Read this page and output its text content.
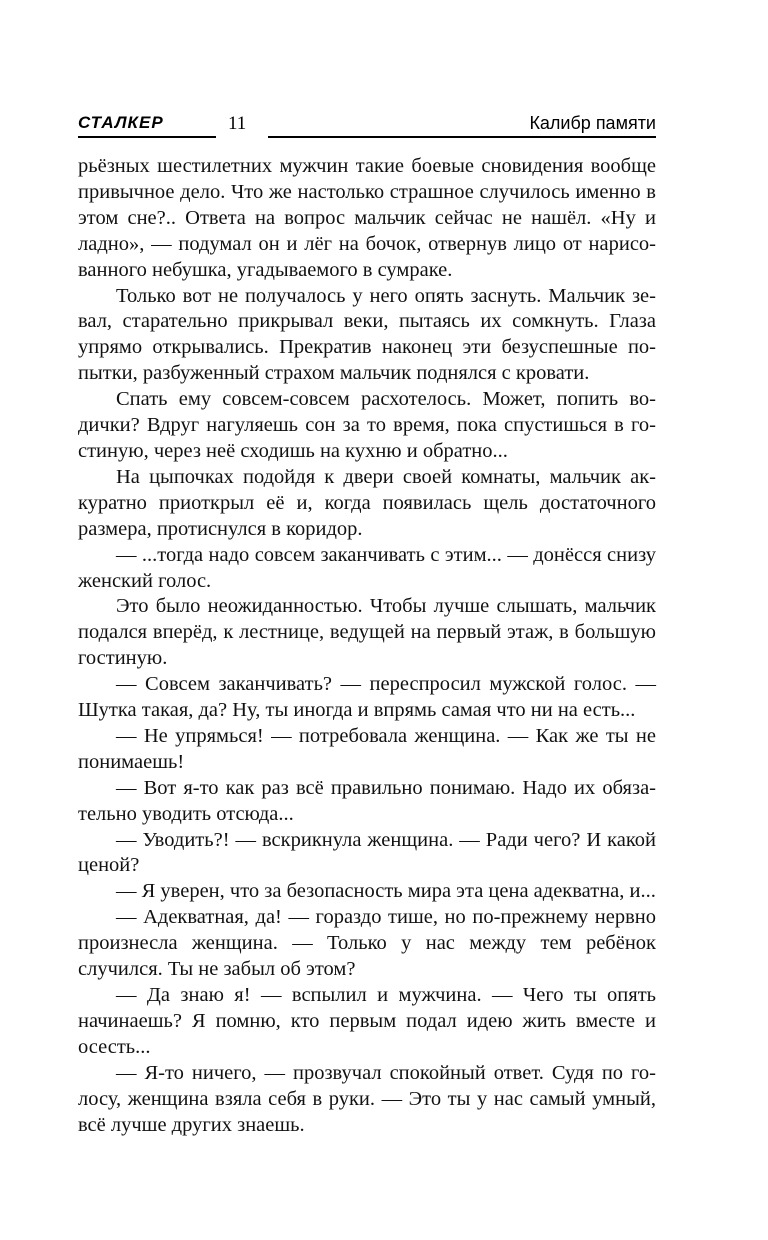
СТАЛКЕР	11	Калибр памяти

рьёзных шестилетних мужчин такие боевые сновидения вообще привычное дело. Что же настолько страшное случилось именно в этом сне?.. Ответа на вопрос мальчик сейчас не нашёл. «Ну и ладно», — подумал он и лёг на бочок, отвернув лицо от нарисованного небушка, угадываемого в сумраке.

Только вот не получалось у него опять заснуть. Мальчик зевал, старательно прикрывал веки, пытаясь их сомкнуть. Глаза упрямо открывались. Прекратив наконец эти безуспешные попытки, разбуженный страхом мальчик поднялся с кровати.

Спать ему совсем-совсем расхотелось. Может, попить водички? Вдруг нагуляешь сон за то время, пока спустишься в гостиную, через неё сходишь на кухню и обратно...

На цыпочках подойдя к двери своей комнаты, мальчик аккуратно приоткрыл её и, когда появилась щель достаточного размера, протиснулся в коридор.

— ...тогда надо совсем заканчивать с этим... — донёсся снизу женский голос.

Это было неожиданностью. Чтобы лучше слышать, мальчик подался вперёд, к лестнице, ведущей на первый этаж, в большую гостиную.

— Совсем заканчивать? — переспросил мужской голос. — Шутка такая, да? Ну, ты иногда и впрямь самая что ни на есть...

— Не упрямься! — потребовала женщина. — Как же ты не понимаешь!

— Вот я-то как раз всё правильно понимаю. Надо их обязательно уводить отсюда...

— Уводить?! — вскрикнула женщина. — Ради чего? И какой ценой?

— Я уверен, что за безопасность мира эта цена адекватна, и...

— Адекватная, да! — гораздо тише, но по-прежнему нервно произнесла женщина. — Только у нас между тем ребёнок случился. Ты не забыл об этом?

— Да знаю я! — вспылил и мужчина. — Чего ты опять начинаешь? Я помню, кто первым подал идею жить вместе и осесть...

— Я-то ничего, — прозвучал спокойный ответ. Судя по голосу, женщина взяла себя в руки. — Это ты у нас самый умный, всё лучше других знаешь.
